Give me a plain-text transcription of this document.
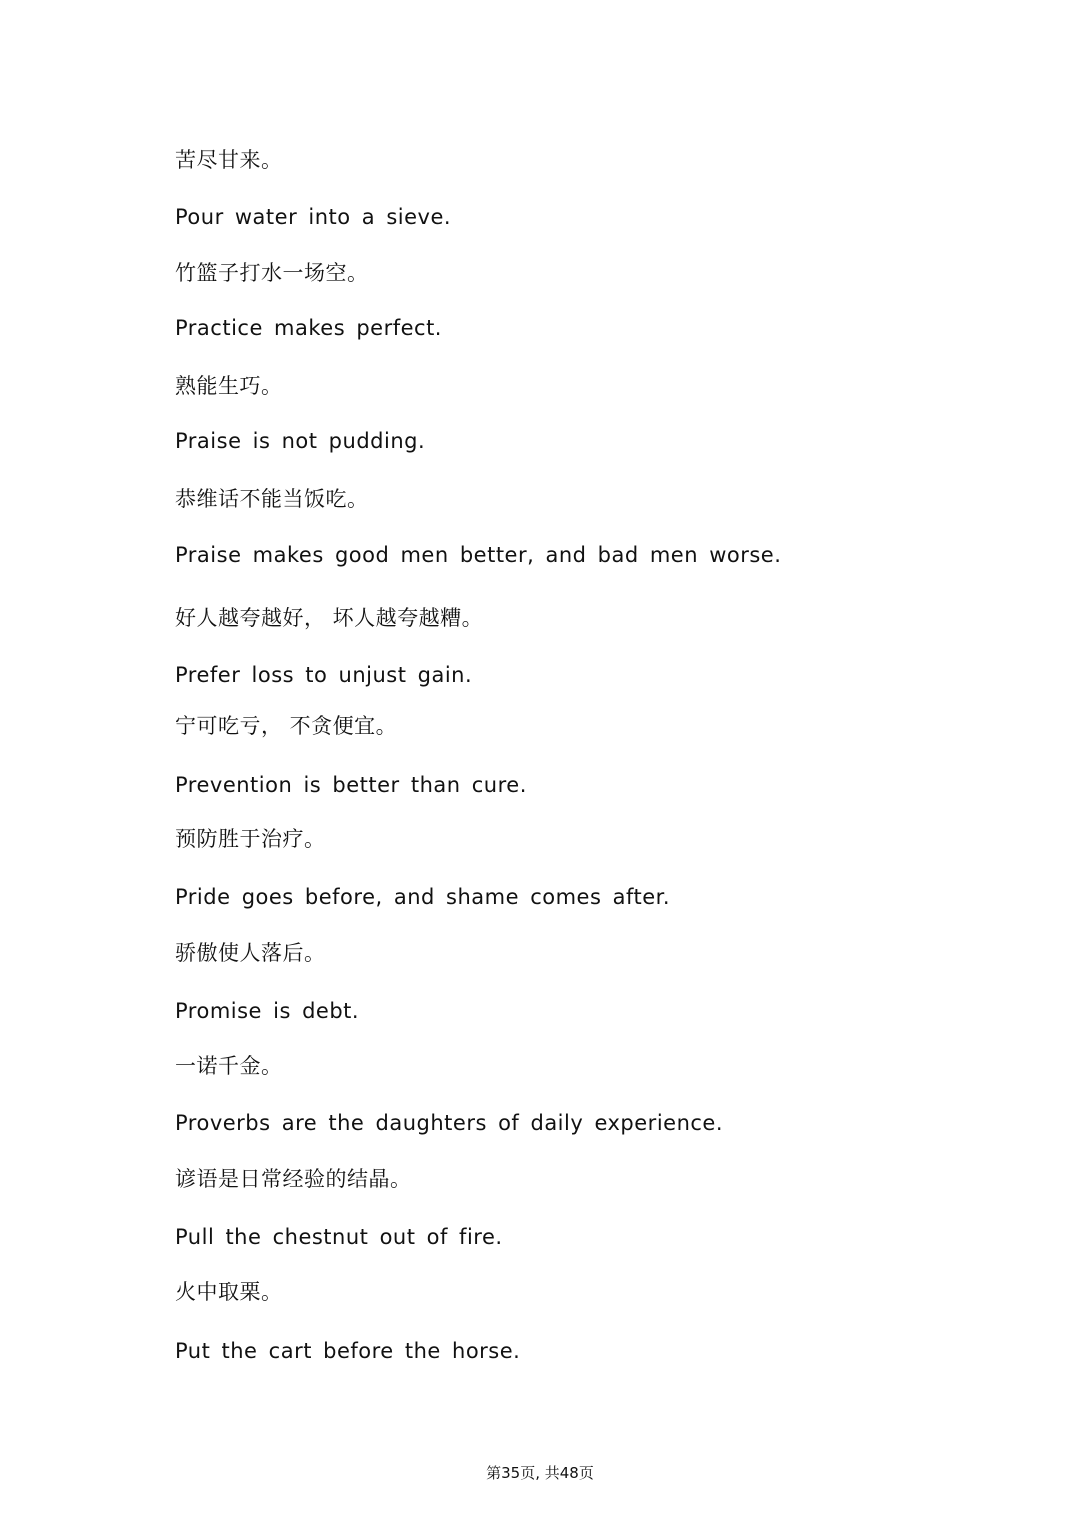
苦尽甘来。
Pour water into a sieve.
竹篮子打水一场空。
Practice makes perfect.
熟能生巧。
Praise is not pudding.
恭维话不能当饭吃。
Praise makes good men better, and bad men worse.
好人越夸越好， 坏人越夸越糟。
Prefer loss to unjust gain.
宁可吃亏， 不贪便宜。
Prevention is better than cure.
预防胜于治疗。
Pride goes before, and shame comes after.
骄傲使人落后。
Promise is debt.
一诺千金。
Proverbs are the daughters of daily experience.
谚语是日常经验的结晶。
Pull the chestnut out of fire.
火中取栗。
Put the cart before the horse.
第35页, 共48页
